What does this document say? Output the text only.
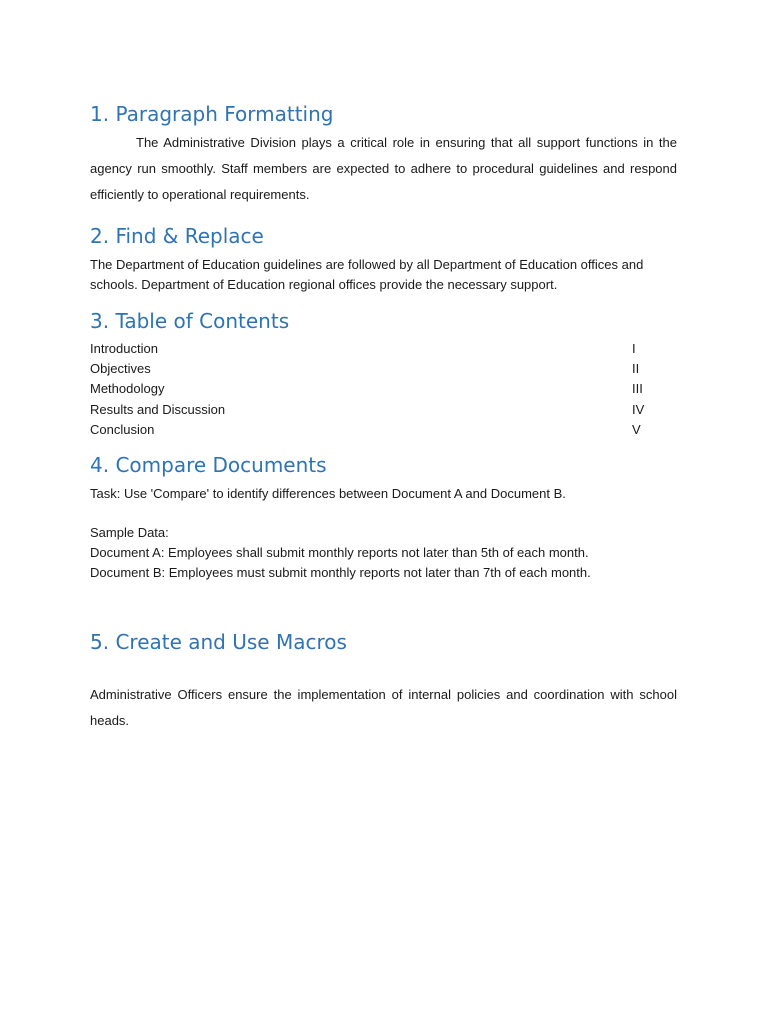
1. Paragraph Formatting

The Administrative Division plays a critical role in ensuring that all support functions in the agency run smoothly. Staff members are expected to adhere to procedural guidelines and respond efficiently to operational requirements.

2. Find & Replace

The Department of Education guidelines are followed by all Department of Education offices and schools. Department of Education regional offices provide the necessary support.

3. Table of Contents
Introduction	I
Objectives	II
Methodology	III
Results and Discussion	IV
Conclusion	V
4. Compare Documents

Task: Use 'Compare' to identify differences between Document A and Document B.

Sample Data:

Document A: Employees shall submit monthly reports not later than 5th of each month.

Document B: Employees must submit monthly reports not later than 7th of each month.

5. Create and Use Macros

Administrative Officers ensure the implementation of internal policies and coordination with school heads.
